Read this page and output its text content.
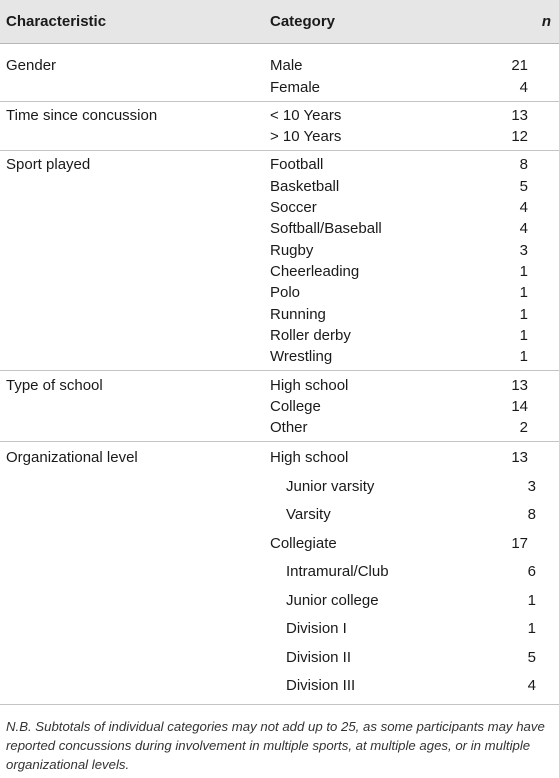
Characteristic	Category	n
Gender	Male	21
Female	4
Time since concussion	< 10 Years	13
> 10 Years	12
Sport played	Football	8
Basketball	5
Soccer	4
Softball/Baseball	4
Rugby	3
Cheerleading	1
Polo	1
Running	1
Roller derby	1
Wrestling	1
Type of school	High school	13
College	14
Other	2
Organizational level	High school	13
Junior varsity	3
Varsity	8
Collegiate	17
Intramural/Club	6
Junior college	1
Division I	1
Division II	5
Division III	4
N.B. Subtotals of individual categories may not add up to 25, as some participants may have reported concussions during involvement in multiple sports, at multiple ages, or in multiple organizational levels.
